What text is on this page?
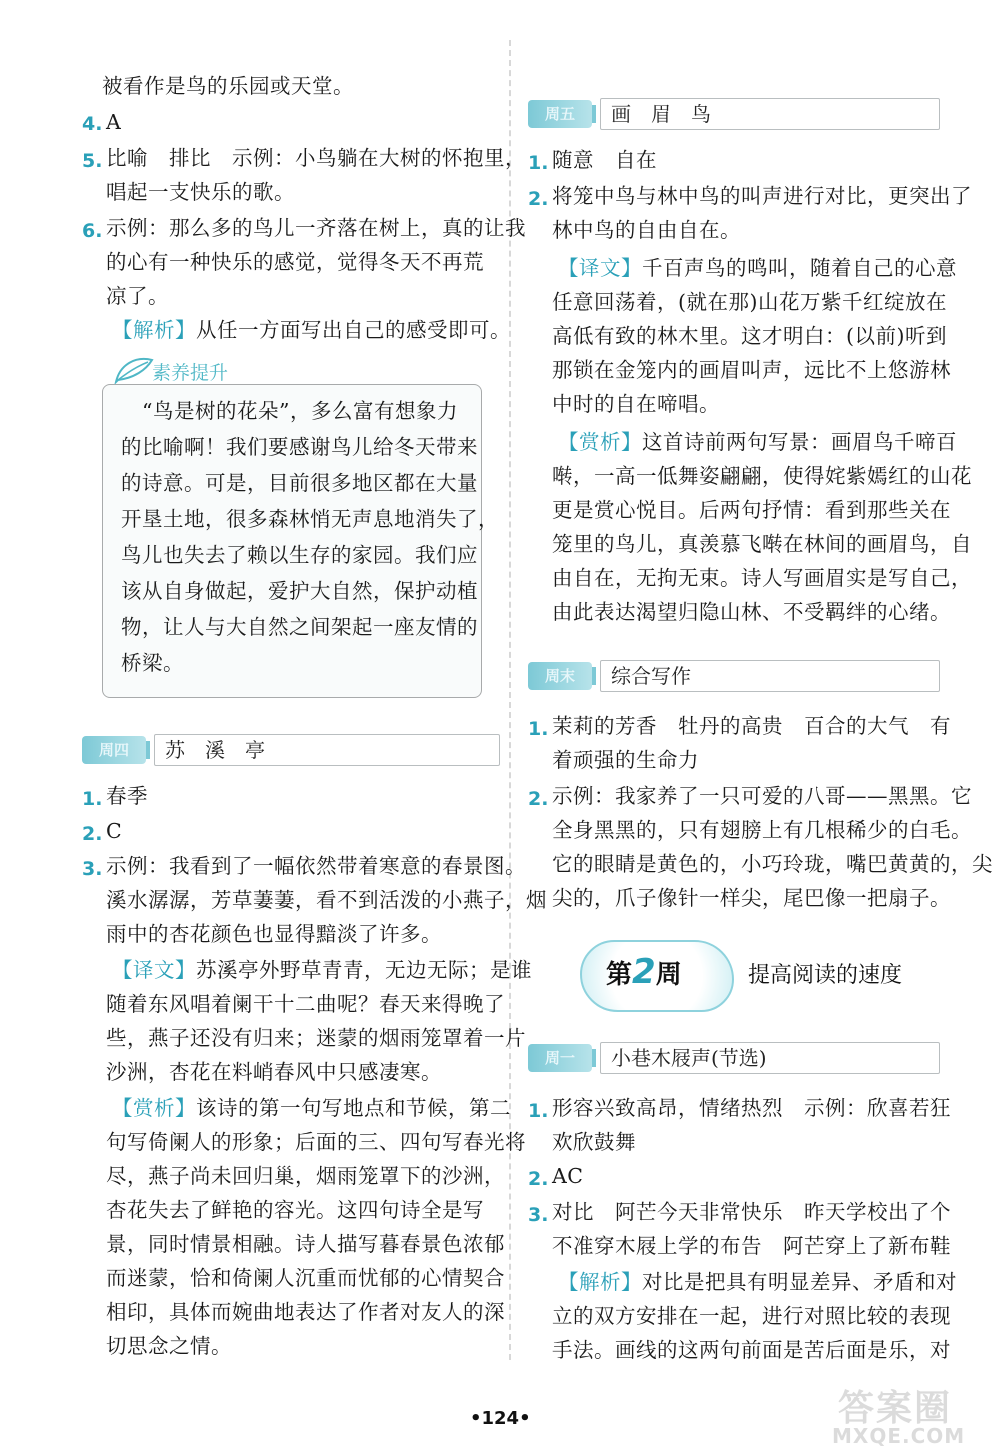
被看作是鸟的乐园或天堂。
4. A
5. 比喻　排比　示例：小鸟躺在大树的怀抱里，
唱起一支快乐的歌。
6. 示例：那么多的鸟儿一齐落在树上，真的让我
的心有一种快乐的感觉，觉得冬天不再荒
凉了。
【解析】从任一方面写出自己的感受即可。
素养提升
　“鸟是树的花朵”，多么富有想象力
的比喻啊！我们要感谢鸟儿给冬天带来
的诗意。可是，目前很多地区都在大量
开垦土地，很多森林悄无声息地消失了，
鸟儿也失去了赖以生存的家园。我们应
该从自身做起，爱护大自然，保护动植
物，让人与大自然之间架起一座友情的
桥梁。
周四	苏　溪　亭
1. 春季
2. C
3. 示例：我看到了一幅依然带着寒意的春景图。
溪水潺潺，芳草萋萋，看不到活泼的小燕子，烟
雨中的杏花颜色也显得黯淡了许多。
【译文】苏溪亭外野草青青，无边无际；是谁
随着东风唱着阑干十二曲呢？春天来得晚了
些，燕子还没有归来；迷蒙的烟雨笼罩着一片
沙洲，杏花在料峭春风中只感凄寒。
【赏析】该诗的第一句写地点和节候，第二
句写倚阑人的形象；后面的三、四句写春光将
尽，燕子尚未回归巢，烟雨笼罩下的沙洲，
杏花失去了鲜艳的容光。这四句诗全是写
景，同时情景相融。诗人描写暮春景色浓郁
而迷蒙，恰和倚阑人沉重而忧郁的心情契合
相印，具体而婉曲地表达了作者对友人的深
切思念之情。
周五	画　眉　鸟
1. 随意　自在
2. 将笼中鸟与林中鸟的叫声进行对比，更突出了
林中鸟的自由自在。
【译文】千百声鸟的鸣叫，随着自己的心意
任意回荡着，(就在那)山花万紫千红绽放在
高低有致的林木里。这才明白：(以前)听到
那锁在金笼内的画眉叫声，远比不上悠游林
中时的自在啼唱。
【赏析】这首诗前两句写景：画眉鸟千啼百
啭，一高一低舞姿翩翩，使得姹紫嫣红的山花
更是赏心悦目。后两句抒情：看到那些关在
笼里的鸟儿，真羡慕飞啭在林间的画眉鸟，自
由自在，无拘无束。诗人写画眉实是写自己，
由此表达渴望归隐山林、不受羁绊的心绪。
周末	综合写作
1. 茉莉的芳香　牡丹的高贵　百合的大气　有
着顽强的生命力
2. 示例：我家养了一只可爱的八哥——黑黑。它
全身黑黑的，只有翅膀上有几根稀少的白毛。
它的眼睛是黄色的，小巧玲珑，嘴巴黄黄的，尖
尖的，爪子像针一样尖，尾巴像一把扇子。
第2周	提高阅读的速度
周一	小巷木屐声(节选)
1. 形容兴致高昂，情绪热烈　示例：欣喜若狂
欢欣鼓舞
2. AC
3. 对比　阿芒今天非常快乐　昨天学校出了个
不准穿木屐上学的布告　阿芒穿上了新布鞋
【解析】对比是把具有明显差异、矛盾和对
立的双方安排在一起，进行对照比较的表现
手法。画线的这两句前面是苦后面是乐，对
•124•	答案圈
MXQE.COM
